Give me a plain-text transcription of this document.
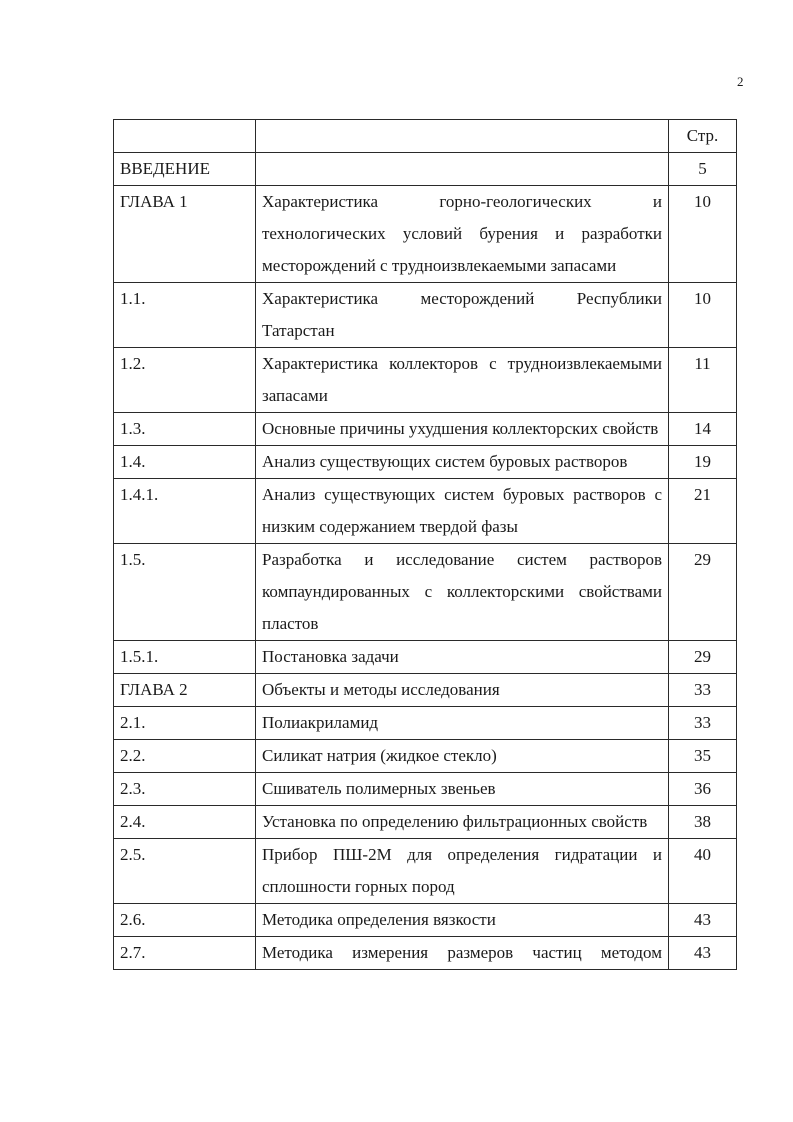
2
		Стр.
ВВЕДЕНИЕ		5
ГЛАВА 1	Характеристика горно-геологических и технологических условий бурения и разработки месторождений с трудноизвлекаемыми запасами	10
1.1.	Характеристика месторождений Республики Татарстан	10
1.2.	Характеристика коллекторов с трудноизвлекаемыми запасами	11
1.3.	Основные причины ухудшения коллекторских свойств	14
1.4.	Анализ существующих систем буровых растворов	19
1.4.1.	Анализ существующих систем буровых растворов с низким содержанием твердой фазы	21
1.5.	Разработка и исследование систем растворов компаундированных с коллекторскими свойствами пластов	29
1.5.1.	Постановка задачи	29
ГЛАВА 2	Объекты и методы исследования	33
2.1.	Полиакриламид	33
2.2.	Силикат натрия (жидкое стекло)	35
2.3.	Сшиватель полимерных звеньев	36
2.4.	Установка по определению фильтрационных свойств	38
2.5.	Прибор ПШ-2М для определения гидратации и сплошности горных пород	40
2.6.	Методика определения вязкости	43
2.7.	Методика измерения размеров частиц методом	43
